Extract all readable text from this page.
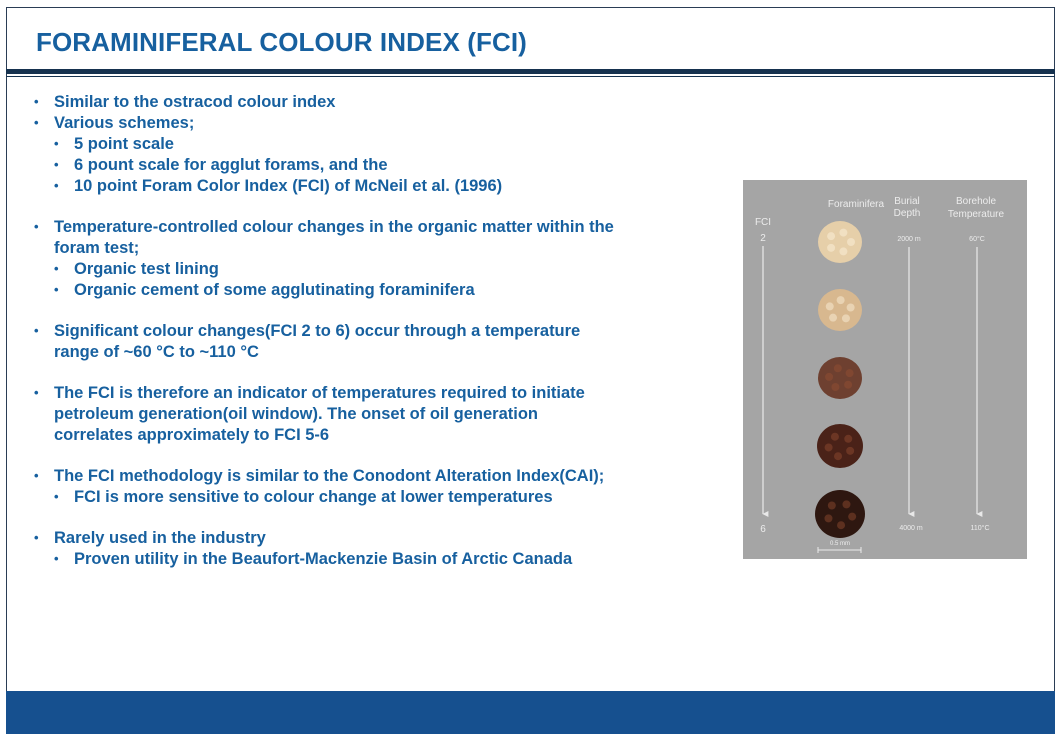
FORAMINIFERAL COLOUR INDEX (FCI)
• Similar to the ostracod colour index
• Various schemes;
• 5 point scale
• 6 pount scale for agglut forams, and the
• 10 point Foram Color Index (FCI) of McNeil et al. (1996)
• Temperature-controlled colour changes in the organic matter within the
foram test;
• Organic test lining
• Organic cement of some agglutinating foraminifera
• Significant colour changes(FCI 2 to 6) occur through a temperature
range of ~60 °C to ~110 °C
• The FCI is therefore an indicator of temperatures required to initiate
petroleum generation(oil window). The onset of oil generation
correlates approximately to FCI 5-6
• The FCI methodology is similar to the Conodont Alteration Index(CAI);
• FCI is more sensitive to colour change at lower temperatures
• Rarely used in the industry
• Proven utility in the Beaufort-Mackenzie Basin of Arctic Canada
FCI
2
6
Foraminifera Burial
Depth
Borehole
Temperature
2000 m
4000 m
60°C
110°C
0.5 mm
